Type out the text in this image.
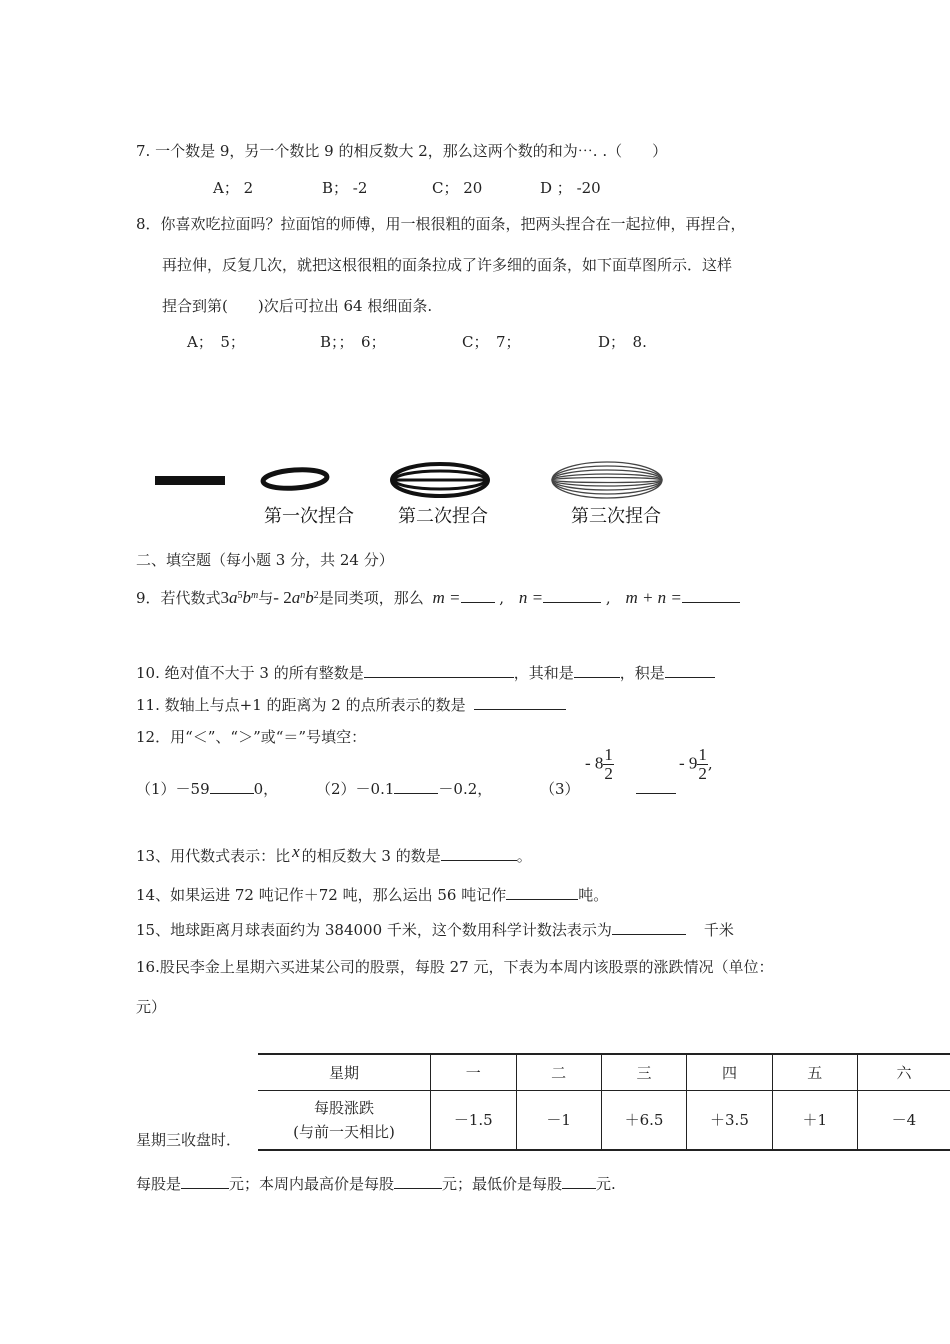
7. 一个数是 9，另一个数比 9 的相反数大 2，那么这两个数的和为⋯. .（　　）
A； 2	B； -2	C； 20	D ； -20
8．你喜欢吃拉面吗？拉面馆的师傅，用一根很粗的面条，把两头捏合在一起拉伸，再捏合，
再拉伸，反复几次，就把这根很粗的面条拉成了许多细的面条，如下面草图所示．这样
捏合到第(　　)次后可拉出 64 根细面条.
A；　5；	B；；　6；	C；　7；	D；　8.
第一次捏合 第二次捏合	第三次捏合
二、填空题（每小题 3 分，共 24 分）
9．若代数式$3a^5b^m$与- $2a^nb^2$是同类项，那么 m =	, n =	, m + n =
10. 绝对值不大于 3 的所有整数是	，其和是	，积是
11. 数轴上与点+1 的距离为 2 的点所表示的数是
12．用“＜”、“＞”或“＝”号填空：
（1）－59	0，	（2）－0.1	－0.2，	（3）
- $8 \frac{1}{2}$	- $9 \frac{1}{2}$ ,
13、用代数式表示：比 x 的相反数大 3 的数是	。
14、如果运进 72 吨记作＋72 吨，那么运出 56 吨记作	吨。
15、地球距离月球表面约为 384000 千米，这个数用科学计数法表示为	千米
16.股民李金上星期六买进某公司的股票，每股 27 元，下表为本周内该股票的涨跌情况（单位：
元）
星期	一	二	三	四	五	六

每股涨跌
(与前一天相比)	－1.5	－1	＋6.5	＋3.5	＋1	－4
星期三收盘时．
每股是	元；本周内最高价是每股	元；最低价是每股 元.
